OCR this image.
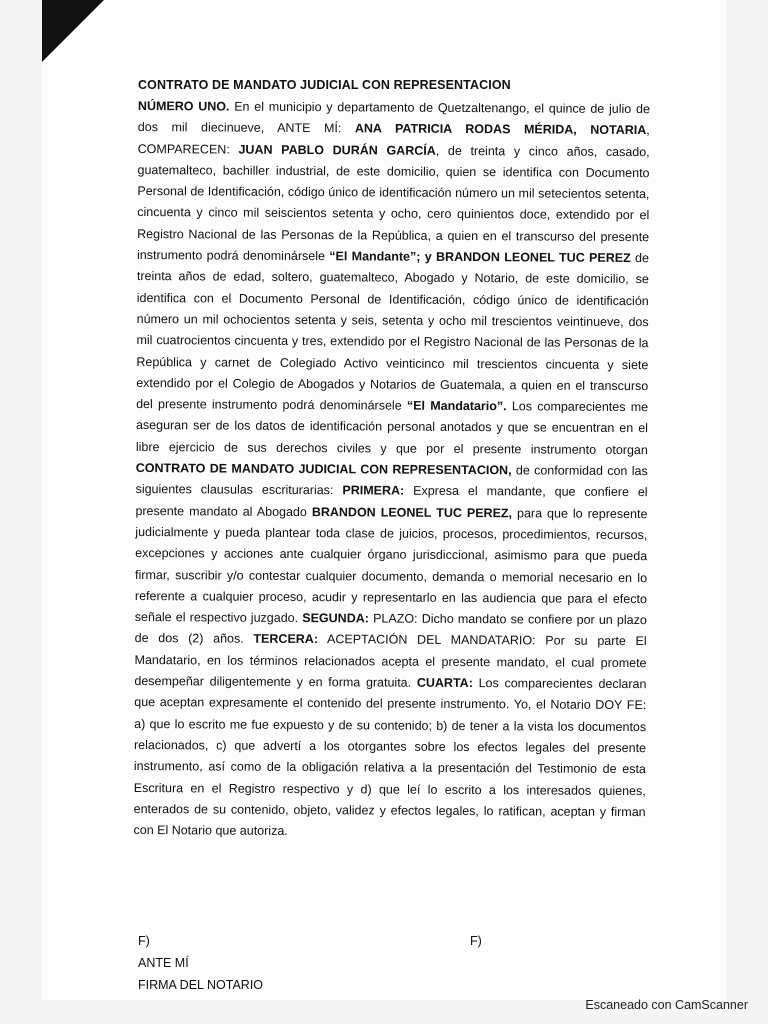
CONTRATO DE MANDATO JUDICIAL CON REPRESENTACION
NÚMERO UNO. En el municipio y departamento de Quetzaltenango, el quince de julio de dos mil diecinueve, ANTE MÍ: ANA PATRICIA RODAS MÉRIDA, NOTARIA, COMPARECEN: JUAN PABLO DURÁN GARCÍA, de treinta y cinco años, casado, guatemalteco, bachiller industrial, de este domicilio, quien se identifica con Documento Personal de Identificación, código único de identificación número un mil setecientos setenta, cincuenta y cinco mil seiscientos setenta y ocho, cero quinientos doce, extendido por el Registro Nacional de las Personas de la República, a quien en el transcurso del presente instrumento podrá denominársele “El Mandante”; y BRANDON LEONEL TUC PEREZ de treinta años de edad, soltero, guatemalteco, Abogado y Notario, de este domicilio, se identifica con el Documento Personal de Identificación, código único de identificación número un mil ochocientos setenta y seis, setenta y ocho mil trescientos veintinueve, dos mil cuatrocientos cincuenta y tres, extendido por el Registro Nacional de las Personas de la República y carnet de Colegiado Activo veinticinco mil trescientos cincuenta y siete extendido por el Colegio de Abogados y Notarios de Guatemala, a quien en el transcurso del presente instrumento podrá denominársele “El Mandatario”. Los comparecientes me aseguran ser de los datos de identificación personal anotados y que se encuentran en el libre ejercicio de sus derechos civiles y que por el presente instrumento otorgan CONTRATO DE MANDATO JUDICIAL CON REPRESENTACION, de conformidad con las siguientes clausulas escriturarias: PRIMERA: Expresa el mandante, que confiere el presente mandato al Abogado BRANDON LEONEL TUC PEREZ, para que lo represente judicialmente y pueda plantear toda clase de juicios, procesos, procedimientos, recursos, excepciones y acciones ante cualquier órgano jurisdiccional, asimismo para que pueda firmar, suscribir y/o contestar cualquier documento, demanda o memorial necesario en lo referente a cualquier proceso, acudir y representarlo en las audiencia que para el efecto señale el respectivo juzgado. SEGUNDA: PLAZO: Dicho mandato se confiere por un plazo de dos (2) años. TERCERA: ACEPTACIÓN DEL MANDATARIO: Por su parte El Mandatario, en los términos relacionados acepta el presente mandato, el cual promete desempeñar diligentemente y en forma gratuita. CUARTA: Los comparecientes declaran que aceptan expresamente el contenido del presente instrumento. Yo, el Notario DOY FE: a) que lo escrito me fue expuesto y de su contenido; b) de tener a la vista los documentos relacionados, c) que advertí a los otorgantes sobre los efectos legales del presente instrumento, así como de la obligación relativa a la presentación del Testimonio de esta Escritura en el Registro respectivo y d) que leí lo escrito a los interesados quienes, enterados de su contenido, objeto, validez y efectos legales, lo ratifican, aceptan y firman con El Notario que autoriza.
F)	F)
ANTE MÍ
FIRMA DEL NOTARIO
Escaneado con CamScanner
